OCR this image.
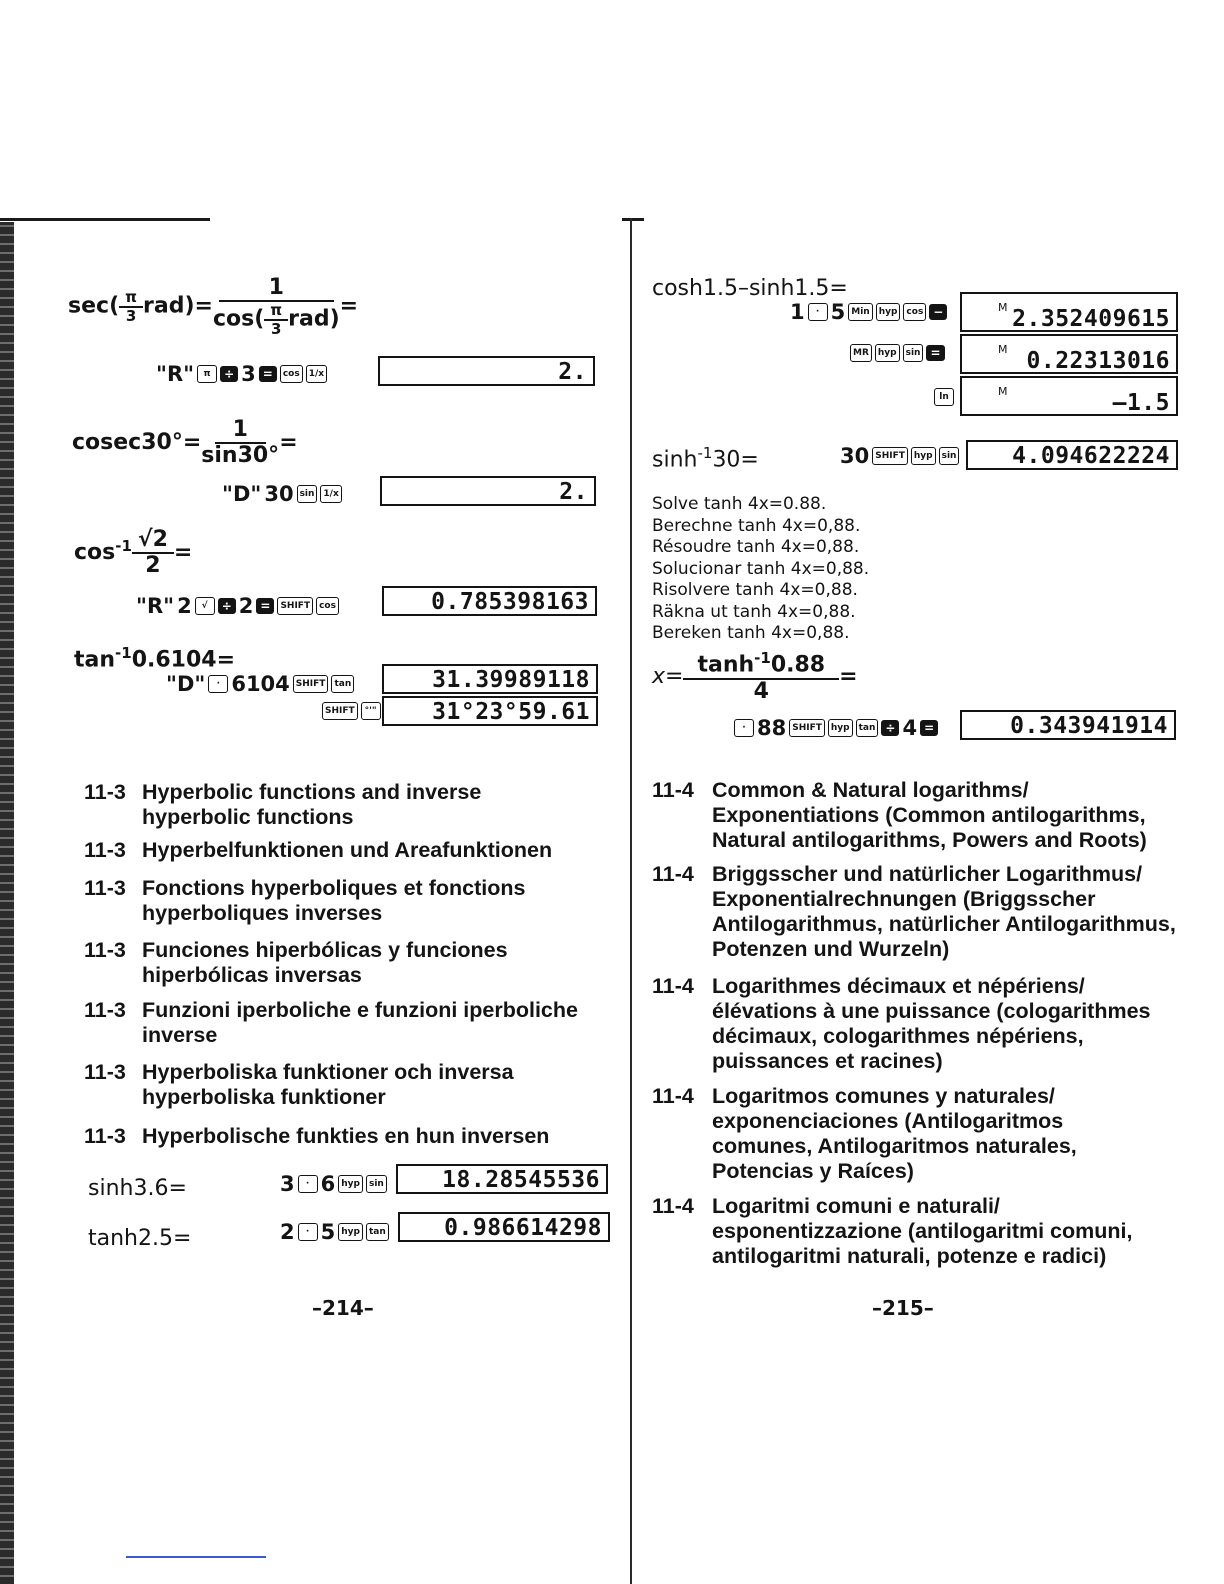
$\sec( \frac{\pi}{3} rad)= \frac{1}{\cos( \frac{\pi}{3} rad)}$ =
"R"	π	÷ 3 =	cos	1/x	2.
$cosec30^\circ= \frac{1}{\sin 30^\circ}$ =
"D" 30 sin	1/x	2.
$\cos^{-1} \frac{√2}{2}$ =
"R" 2	√	÷ 2 =	SHIFT	cos	0.785398163
$\tan^{-1}0.6104=$
"D"	· 6104 SHIFT	tan	31.39989118
SHIFT	°'"	31°23°59.61
11-3 Hyperbolic functions and inverse hyperbolic functions
11-3 Hyperbelfunktionen und Areafunktionen
11-3 Fonctions hyperboliques et fonctions hyperboliques inverses
11-3 Funciones hiperbólicas y funciones hiperbólicas inversas
11-3 Funzioni iperboliche e funzioni iperboliche inverse
11-3 Hyperboliska funktioner och inversa hyperboliska funktioner
11-3 Hyperbolische funkties en hun inversen
sinh3.6=	3	· 6 hyp	sin	18.28545536
tanh2.5=	2	· 5 hyp	tan	0.986614298
–214–
cosh1.5–sinh1.5=
1	· 5 Min	hyp	cos −	M 2.352409615
MR	hyp	sin =	M 0.22313016
ln	M	–1.5
$\sinh^{-1}30=$	30 SHIFT	hyp	sin	4.094622224
Solve tanh 4x=0.88.
Berechne tanh 4x=0,88.
Résoudre tanh 4x=0,88.
Solucionar tanh 4x=0,88.
Risolvere tanh 4x=0,88.
Räkna ut tanh 4x=0,88.
Bereken tanh 4x=0,88.
$x= \frac{\tanh^{-1}0.88}{4}$ =
· 88 SHIFT	hyp	tan ÷ 4 =	0.343941914
11-4 Common & Natural logarithms/ Exponentiations (Common antilogarithms, Natural antilogarithms, Powers and Roots)
11-4 Briggsscher und natürlicher Logarithmus/ Exponentialrechnungen (Briggsscher Antilogarithmus, natürlicher Antilogarithmus, Potenzen und Wurzeln)
11-4 Logarithmes décimaux et népériens/ élévations à une puissance (cologarithmes décimaux, cologarithmes népériens, puissances et racines)
11-4 Logaritmos comunes y naturales/ exponenciaciones (Antilogaritmos comunes, Antilogaritmos naturales, Potencias y Raíces)
11-4 Logaritmi comuni e naturali/ esponentizzazione (antilogaritmi comuni, antilogaritmi naturali, potenze e radici)
–215–
